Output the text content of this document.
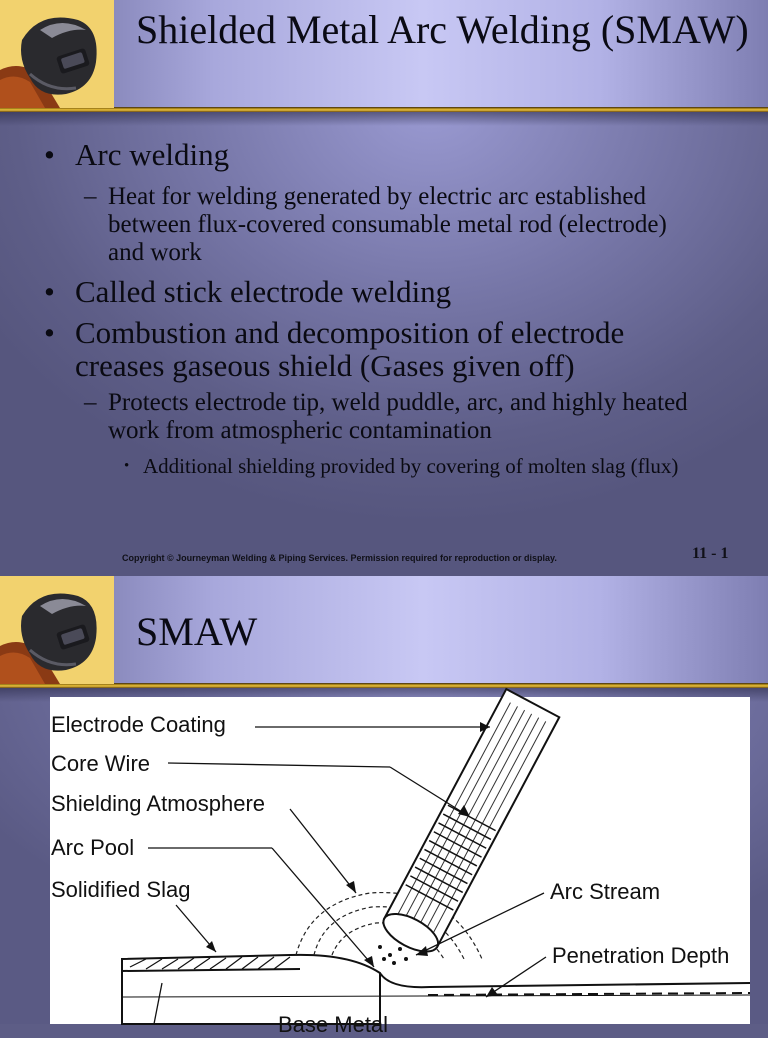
Shielded Metal Arc Welding (SMAW)
• Arc welding
– Heat for welding generated by electric arc established between flux-covered consumable metal rod (electrode) and work
• Called stick electrode welding
• Combustion and decomposition of electrode creases gaseous shield (Gases given off)
– Protects electrode tip, weld puddle, arc, and highly heated work from atmospheric contamination
• Additional shielding provided by covering of molten slag (flux)
Copyright © Journeyman Welding & Piping Services. Permission required for reproduction or display.	11 - 1
SMAW
Electrode Coating
Core Wire
Shielding Atmosphere
Arc Pool
Solidified Slag	Arc Stream
Penetration Depth
Base Metal
